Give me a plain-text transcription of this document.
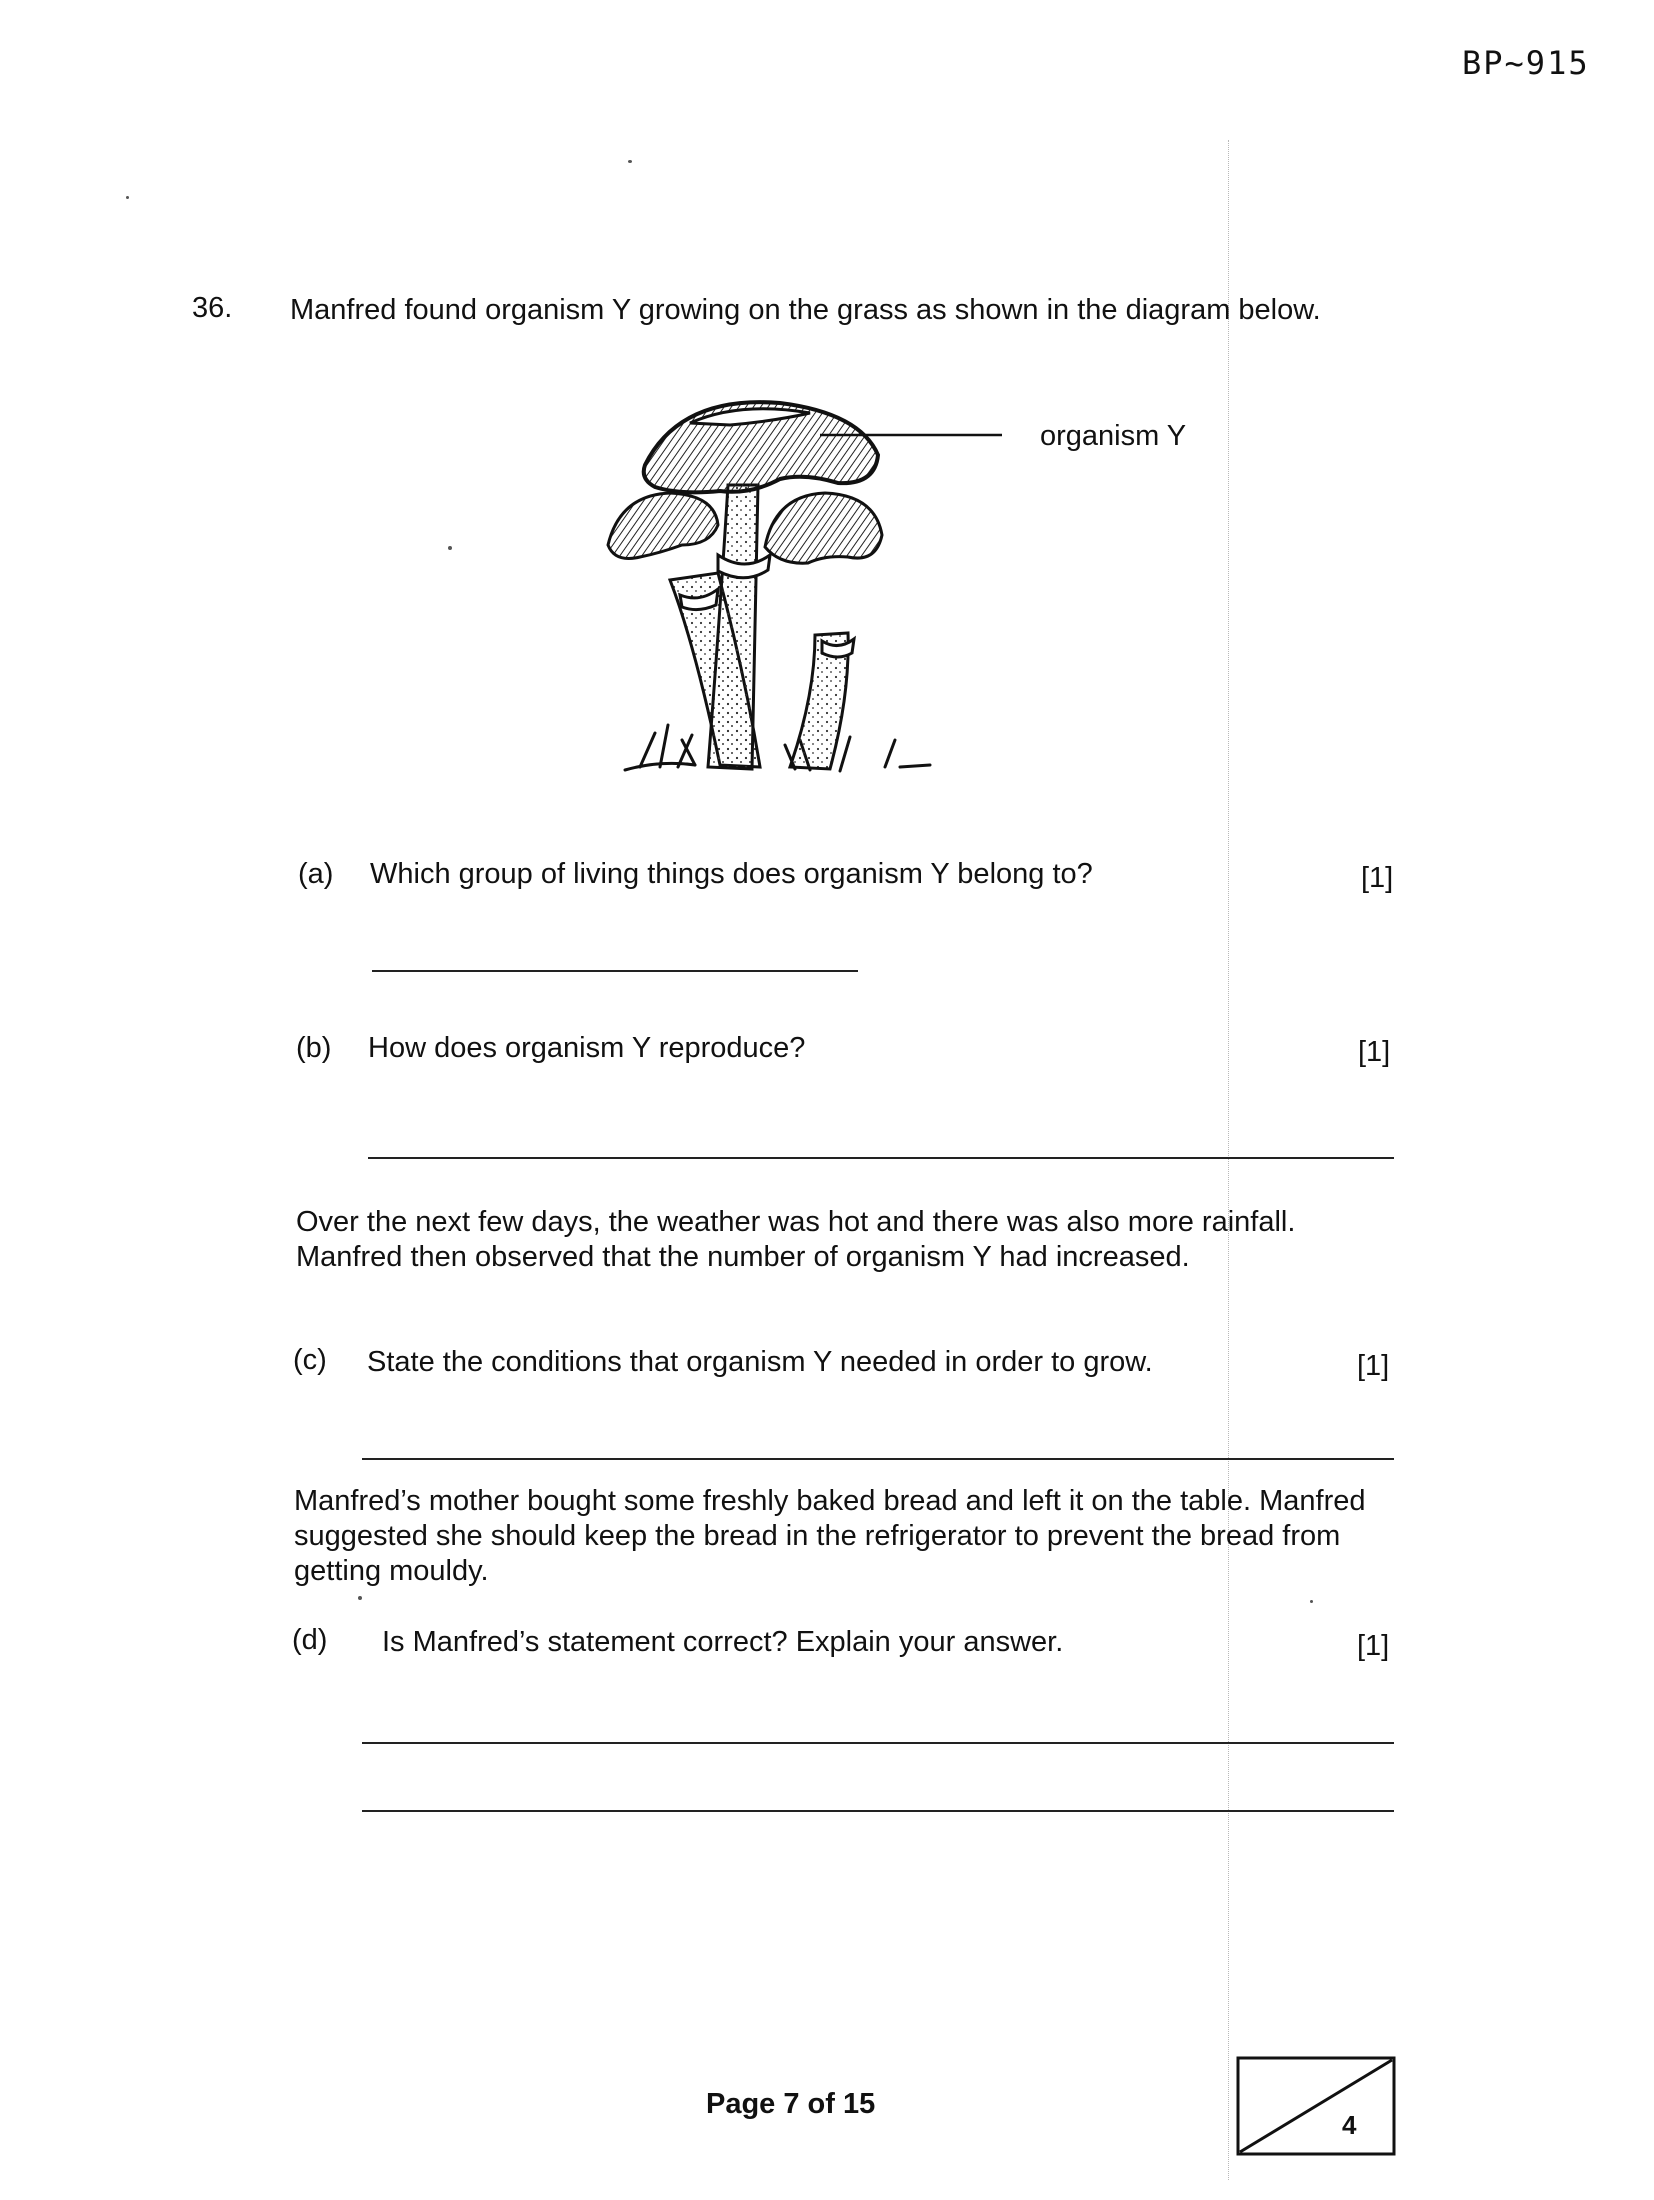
BP~915
36. Manfred found organism Y growing on the grass as shown in the diagram below.
organism Y
(a) Which group of living things does organism Y belong to?	[1]
(b) How does organism Y reproduce?	[1]
Over the next few days, the weather was hot and there was also more rainfall. Manfred then observed that the number of organism Y had increased.
(c) State the conditions that organism Y needed in order to grow.	[1]
Manfred’s mother bought some freshly baked bread and left it on the table. Manfred suggested she should keep the bread in the refrigerator to prevent the bread from getting mouldy.
(d) Is Manfred’s statement correct? Explain your answer.	[1]
Page 7 of 15
4
